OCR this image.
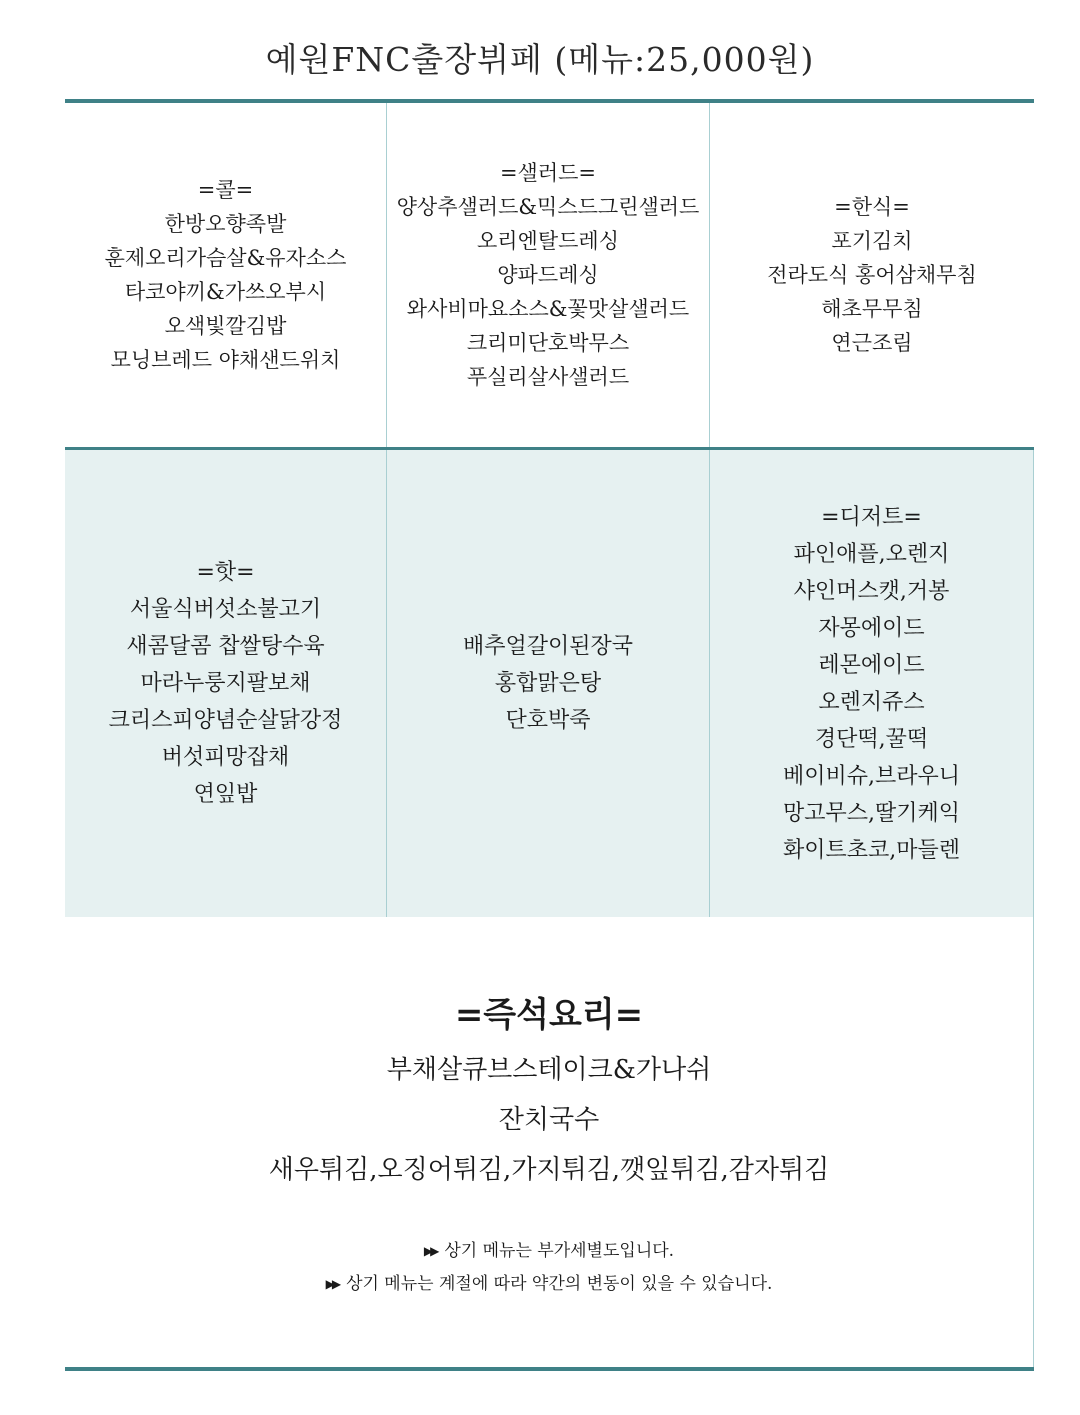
예원FNC출장뷔페 (메뉴:25,000원)
=콜=
한방오향족발
훈제오리가슴살&유자소스
타코야끼&가쓰오부시
오색빛깔김밥
모닝브레드 야채샌드위치
=샐러드=
양상추샐러드&믹스드그린샐러드
오리엔탈드레싱
양파드레싱
와사비마요소스&꽃맛살샐러드
크리미단호박무스
푸실리살사샐러드
=한식=
포기김치
전라도식 홍어삼채무침
해초무무침
연근조림
=핫=
서울식버섯소불고기
새콤달콤 찹쌀탕수육
마라누룽지팔보채
크리스피양념순살닭강정
버섯피망잡채
연잎밥
배추얼갈이된장국
홍합맑은탕
단호박죽
=디저트=
파인애플,오렌지
샤인머스캣,거봉
자몽에이드
레몬에이드
오렌지쥬스
경단떡,꿀떡
베이비슈,브라우니
망고무스,딸기케익
화이트초코,마들렌
=즉석요리=
부채살큐브스테이크&가나쉬
잔치국수
새우튀김,오징어튀김,가지튀김,깻잎튀김,감자튀김
▶▶ 상기 메뉴는 부가세별도입니다.
▶▶ 상기 메뉴는 계절에 따라 약간의 변동이 있을 수 있습니다.
